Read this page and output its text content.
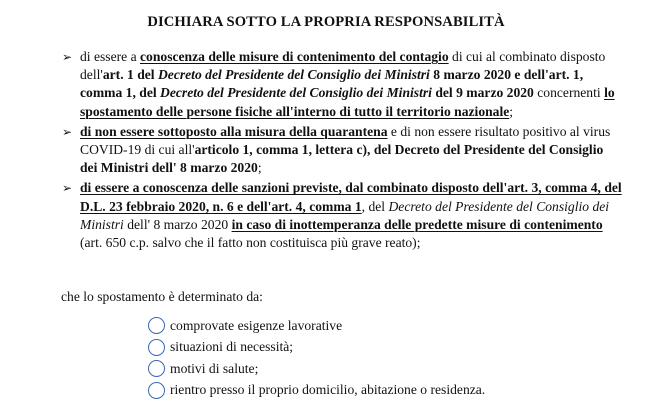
DICHIARA SOTTO LA PROPRIA RESPONSABILITÀ
➢ di essere a conoscenza delle misure di contenimento del contagio di cui al combinato disposto dell'art. 1 del Decreto del Presidente del Consiglio dei Ministri 8 marzo 2020 e dell'art. 1, comma 1, del Decreto del Presidente del Consiglio dei Ministri del 9 marzo 2020 concernenti lo spostamento delle persone fisiche all'interno di tutto il territorio nazionale;
➢ di non essere sottoposto alla misura della quarantena e di non essere risultato positivo al virus COVID-19 di cui all'articolo 1, comma 1, lettera c), del Decreto del Presidente del Consiglio dei Ministri dell' 8 marzo 2020;
➢ di essere a conoscenza delle sanzioni previste, dal combinato disposto dell'art. 3, comma 4, del D.L. 23 febbraio 2020, n. 6 e dell'art. 4, comma 1, del Decreto del Presidente del Consiglio dei Ministri dell' 8 marzo 2020 in caso di inottemperanza delle predette misure di contenimento (art. 650 c.p. salvo che il fatto non costituisca più grave reato);
che lo spostamento è determinato da:
comprovate esigenze lavorative
situazioni di necessità;
motivi di salute;
rientro presso il proprio domicilio, abitazione o residenza.
